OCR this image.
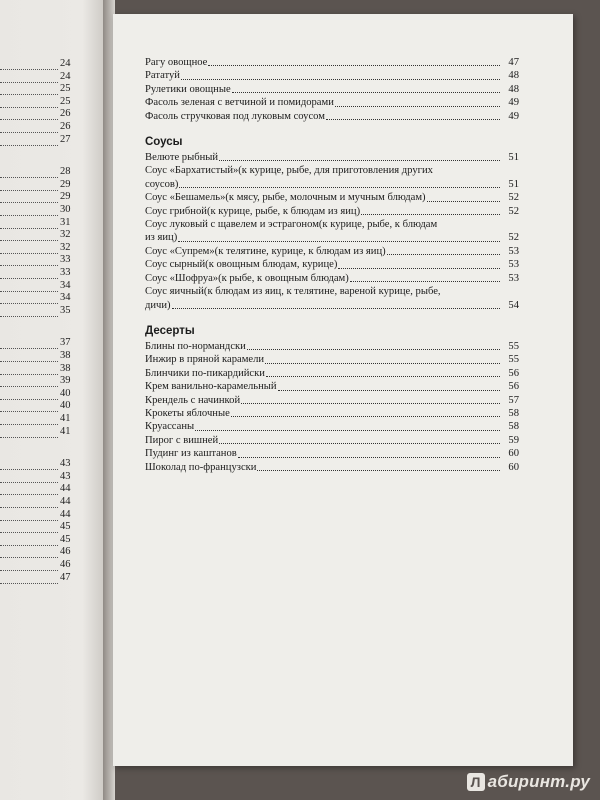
24
24
25
25
26
26
27
28
29
29
30
31
32
32
33
33
34
34
35
37
38
38
39
40
40
41
41
43
43
44
44
44
45
45
46
46
47
Рагу овощное	47
Рататуй	48
Рулетики овощные	48
Фасоль зеленая с ветчиной и помидорами	49
Фасоль стручковая под луковым соусом	49
Соусы
Велюте рыбный	51
Соус «Бархатистый»(к курице, рыбе, для приготовления других
соусов)	51
Соус «Бешамель»(к мясу, рыбе, молочным и мучным блюдам)	52
Соус грибной(к курице, рыбе, к блюдам из яиц)	52
Соус луковый с щавелем и эстрагоном(к курице, рыбе, к блюдам
из яиц)	52
Соус «Супрем»(к телятине, курице, к блюдам из яиц)	53
Соус сырный(к овощным блюдам, курице)	53
Соус «Шофруа»(к рыбе, к овощным блюдам)	53
Соус яичный(к блюдам из яиц, к телятине, вареной курице, рыбе,
дичи)	54
Десерты
Блины по-нормандски	55
Инжир в пряной карамели	55
Блинчики по-пикардийски	56
Крем ванильно-карамельный	56
Крендель с начинкой	57
Крокеты яблочные	58
Круассаны	58
Пирог с вишней	59
Пудинг из каштанов	60
Шоколад по-французски	60
Л абиринт.ру
